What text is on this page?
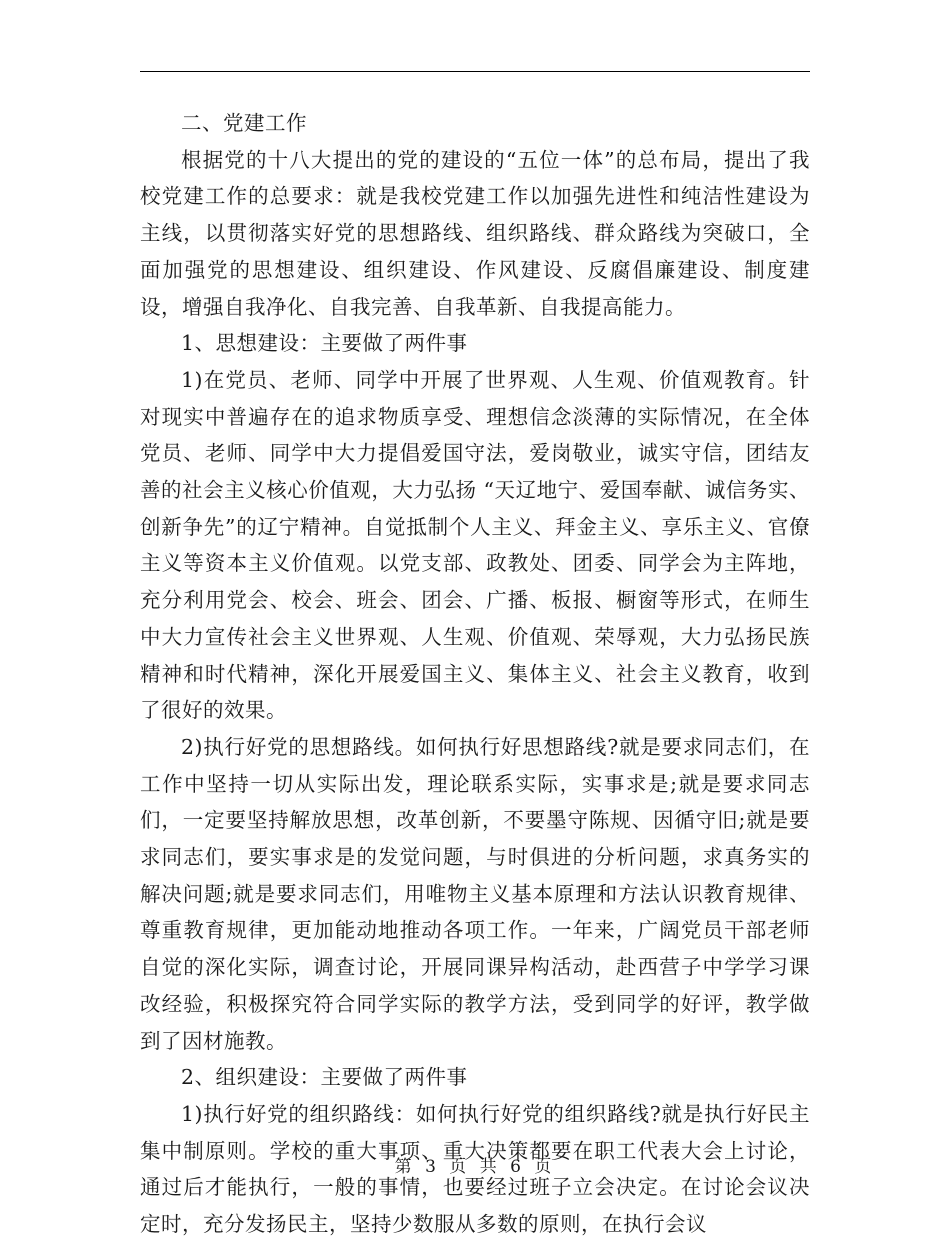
二、党建工作

根据党的十八大提出的党的建设的“五位一体”的总布局，提出了我校党建工作的总要求：就是我校党建工作以加强先进性和纯洁性建设为主线，以贯彻落实好党的思想路线、组织路线、群众路线为突破口，全面加强党的思想建设、组织建设、作风建设、反腐倡廉建设、制度建设，增强自我净化、自我完善、自我革新、自我提高能力。

1、思想建设：主要做了两件事

1)在党员、老师、同学中开展了世界观、人生观、价值观教育。针对现实中普遍存在的追求物质享受、理想信念淡薄的实际情况，在全体党员、老师、同学中大力提倡爱国守法，爱岗敬业，诚实守信，团结友善的社会主义核心价值观，大力弘扬 “天辽地宁、爱国奉献、诚信务实、创新争先”的辽宁精神。自觉抵制个人主义、拜金主义、享乐主义、官僚主义等资本主义价值观。以党支部、政教处、团委、同学会为主阵地，充分利用党会、校会、班会、团会、广播、板报、橱窗等形式，在师生中大力宣传社会主义世界观、人生观、价值观、荣辱观，大力弘扬民族精神和时代精神，深化开展爱国主义、集体主义、社会主义教育，收到了很好的效果。

2)执行好党的思想路线。如何执行好思想路线?就是要求同志们，在工作中坚持一切从实际出发，理论联系实际，实事求是;就是要求同志们，一定要坚持解放思想，改革创新，不要墨守陈规、因循守旧;就是要求同志们，要实事求是的发觉问题，与时俱进的分析问题，求真务实的解决问题;就是要求同志们，用唯物主义基本原理和方法认识教育规律、尊重教育规律，更加能动地推动各项工作。一年来，广阔党员干部老师自觉的深化实际，调查讨论，开展同课异构活动，赴西营子中学学习课改经验，积极探究符合同学实际的教学方法，受到同学的好评，教学做到了因材施教。

2、组织建设：主要做了两件事

1)执行好党的组织路线：如何执行好党的组织路线?就是执行好民主集中制原则。学校的重大事项、重大决策都要在职工代表大会上讨论，通过后才能执行，一般的事情，也要经过班子立会决定。在讨论会议决定时，充分发扬民主，坚持少数服从多数的原则，在执行会议

第 3 页 共 6 页
